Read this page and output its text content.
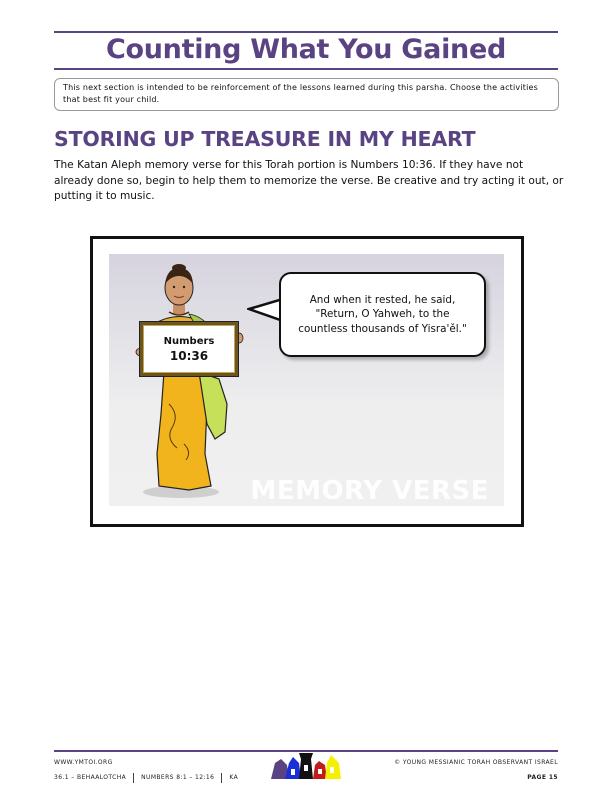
Counting What You Gained
This next section is intended to be reinforcement of the lessons learned during this parsha. Choose the activities that best fit your child.
STORING UP TREASURE IN MY HEART
The Katan Aleph memory verse for this Torah portion is Numbers 10:36. If they have not already done so, begin to help them to memorize the verse. Be creative and try acting it out, or putting it to music.
Numbers
10:36
And when it rested, he said, "Return, O Yahweh, to the countless thousands of Yisra'ěl."
MEMORY VERSE
WWW.YMTOI.ORG
36.1 – BEHAALOTCHA	NUMBERS 8:1 – 12:16	KA
© YOUNG MESSIANIC TORAH OBSERVANT ISRAEL
PAGE 15
